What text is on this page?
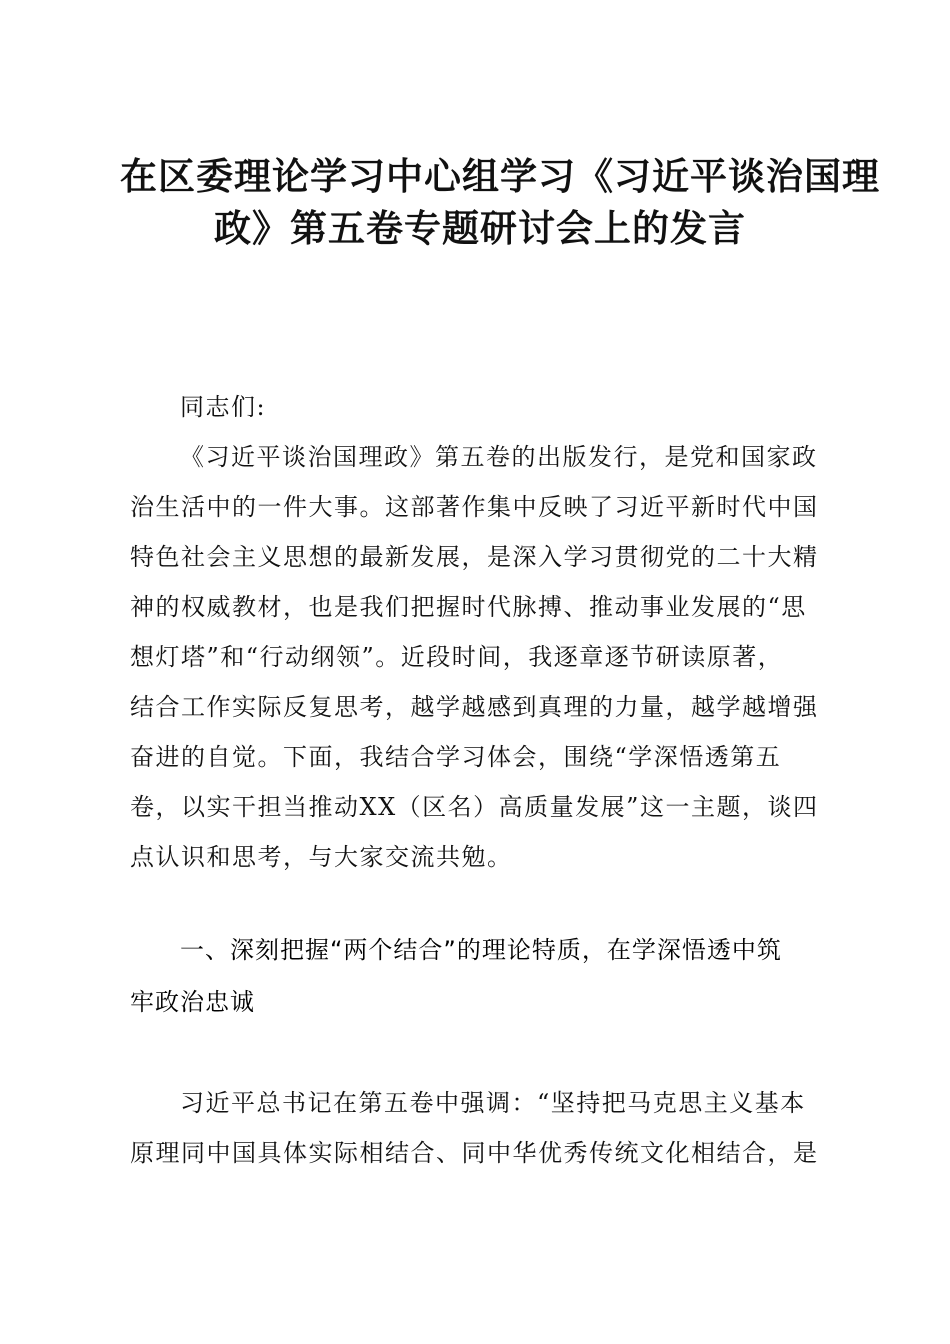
在区委理论学习中心组学习《习近平谈治国理
政》第五卷专题研讨会上的发言
同志们:
《习近平谈治国理政》第五卷的出版发行，是党和国家政
治生活中的一件大事。这部著作集中反映了习近平新时代中国
特色社会主义思想的最新发展，是深入学习贯彻党的二十大精
神的权威教材，也是我们把握时代脉搏、推动事业发展的“思
想灯塔”和“行动纲领”。近段时间，我逐章逐节研读原著，
结合工作实际反复思考，越学越感到真理的力量，越学越增强
奋进的自觉。下面，我结合学习体会，围绕“学深悟透第五
卷，以实干担当推动XX（区名）高质量发展”这一主题，谈四
点认识和思考，与大家交流共勉。
一、深刻把握“两个结合”的理论特质，在学深悟透中筑
牢政治忠诚
习近平总书记在第五卷中强调：“坚持把马克思主义基本
原理同中国具体实际相结合、同中华优秀传统文化相结合，是
